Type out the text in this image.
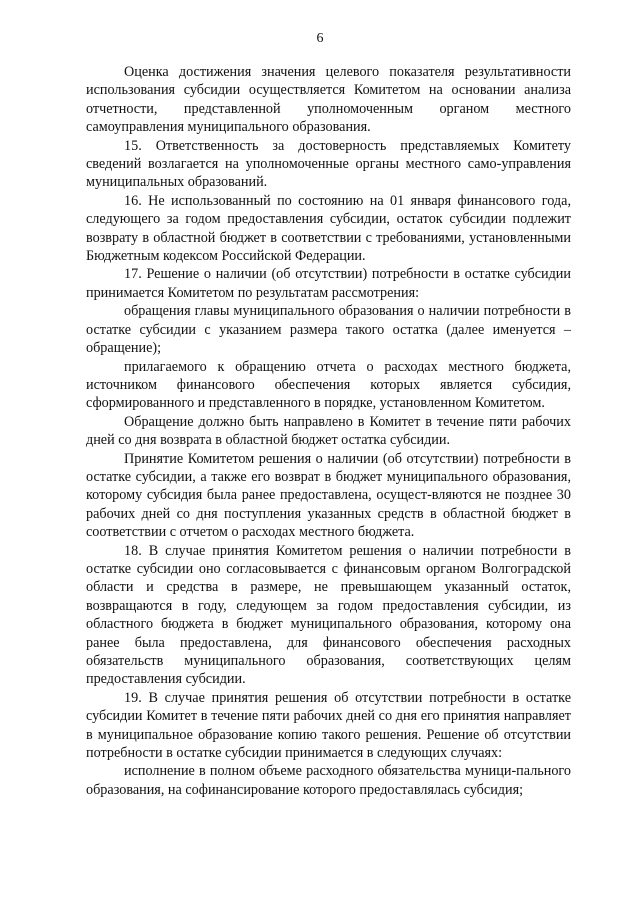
6

Оценка достижения значения целевого показателя результативности использования субсидии осуществляется Комитетом на основании анализа отчетности, представленной уполномоченным органом местного самоуправления муниципального образования.

15. Ответственность за достоверность представляемых Комитету сведений возлагается на уполномоченные органы местного само-управления муниципальных образований.

16. Не использованный по состоянию на 01 января финансового года, следующего за годом предоставления субсидии, остаток субсидии подлежит возврату в областной бюджет в соответствии с требованиями, установленными Бюджетным кодексом Российской Федерации.

17. Решение о наличии (об отсутствии) потребности в остатке субсидии принимается Комитетом по результатам рассмотрения:

обращения главы муниципального образования о наличии потребности в остатке субсидии с указанием размера такого остатка (далее именуется – обращение);

прилагаемого к обращению отчета о расходах местного бюджета, источником финансового обеспечения которых является субсидия, сформированного и представленного в порядке, установленном Комитетом.

Обращение должно быть направлено в Комитет в течение пяти рабочих дней со дня возврата в областной бюджет остатка субсидии.

Принятие Комитетом решения о наличии (об отсутствии) потребности в остатке субсидии, а также его возврат в бюджет муниципального образования, которому субсидия была ранее предоставлена, осущест-вляются не позднее 30 рабочих дней со дня поступления указанных средств в областной бюджет в соответствии с отчетом о расходах местного бюджета.

18. В случае принятия Комитетом решения о наличии потребности в остатке субсидии оно согласовывается с финансовым органом Волгоградской области и средства в размере, не превышающем указанный остаток, возвращаются в году, следующем за годом предоставления субсидии, из областного бюджета в бюджет муниципального образования, которому она ранее была предоставлена, для финансового обеспечения расходных обязательств муниципального образования, соответствующих целям предоставления субсидии.

19. В случае принятия решения об отсутствии потребности в остатке субсидии Комитет в течение пяти рабочих дней со дня его принятия направляет в муниципальное образование копию такого решения. Решение об отсутствии потребности в остатке субсидии принимается в следующих случаях:

исполнение в полном объеме расходного обязательства муници-пального образования, на софинансирование которого предоставлялась субсидия;
